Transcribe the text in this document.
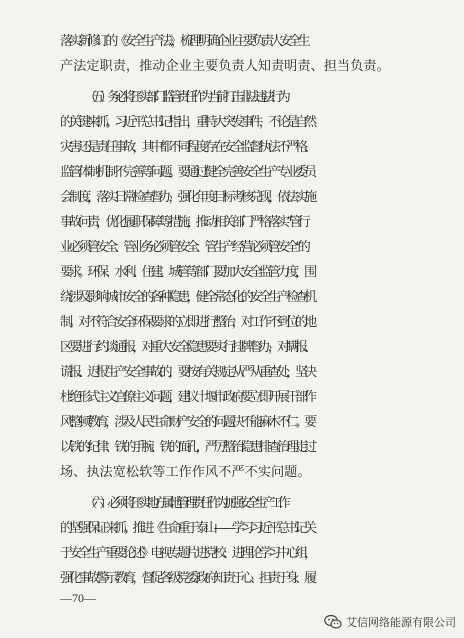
落实新修订的《安全生产法》，梳理明确企业主要负责人安全生
产法定职责，推动企业主要负责人知责明责、担当负责。
（五）务必将压实部门监管责任作为当前打击非法违法行为
的关键来抓。习近平总书记指出，重特大突发事件，不论是自然
灾害还是责任事故，其中都不同程度存在安全监督执法不严格、
监管体制机制不完善等问题。要通过健全完善安全生产专业委员
会制度，落实日常检查督办，强化年度目标考核兑现，依法实施
事故问责，优化履职保障等措施，推动相关部门严格落实“管行
业必须管安全、管业务必须管安全、管生产经营必须管安全”的
要求。环保、水利、住建、城管等部门要加大安全监管力度，围
绕涉及影响城市安全的各种隐患，健全常态化的安全生产检查机
制。对不符合安全环保要求的立即进行整治，对工作不到位的地
区要进行约谈通报，对重大安全隐患要实行挂牌督办，对瞒报、
谎报、迟报生产安全事故的，要按有关规定从严从重查处，坚决
杜绝形式主义官僚主义问题，建议十堰市政府要立即开展干部作
风整顿教育，涉及人民生命财产安全的问题决不能麻木不仁。要
以铁的纪律、铁的手腕、铁的面孔，严厉整治隐患排查治理走过
场、执法宽松软等工作作风不严不实问题。
（六）必须将压实地方属地管理责任作为加强安全生产工作
的坚强保证来抓。推进《生命重于泰山——学习习近平总书记关
于安全生产重要论述》电视专题片进党校、进理论学习中心组，
强化事故警示教育，督促各级党委政府知责于心、担责于身、履
—70—
艾信网络能源有限公司
